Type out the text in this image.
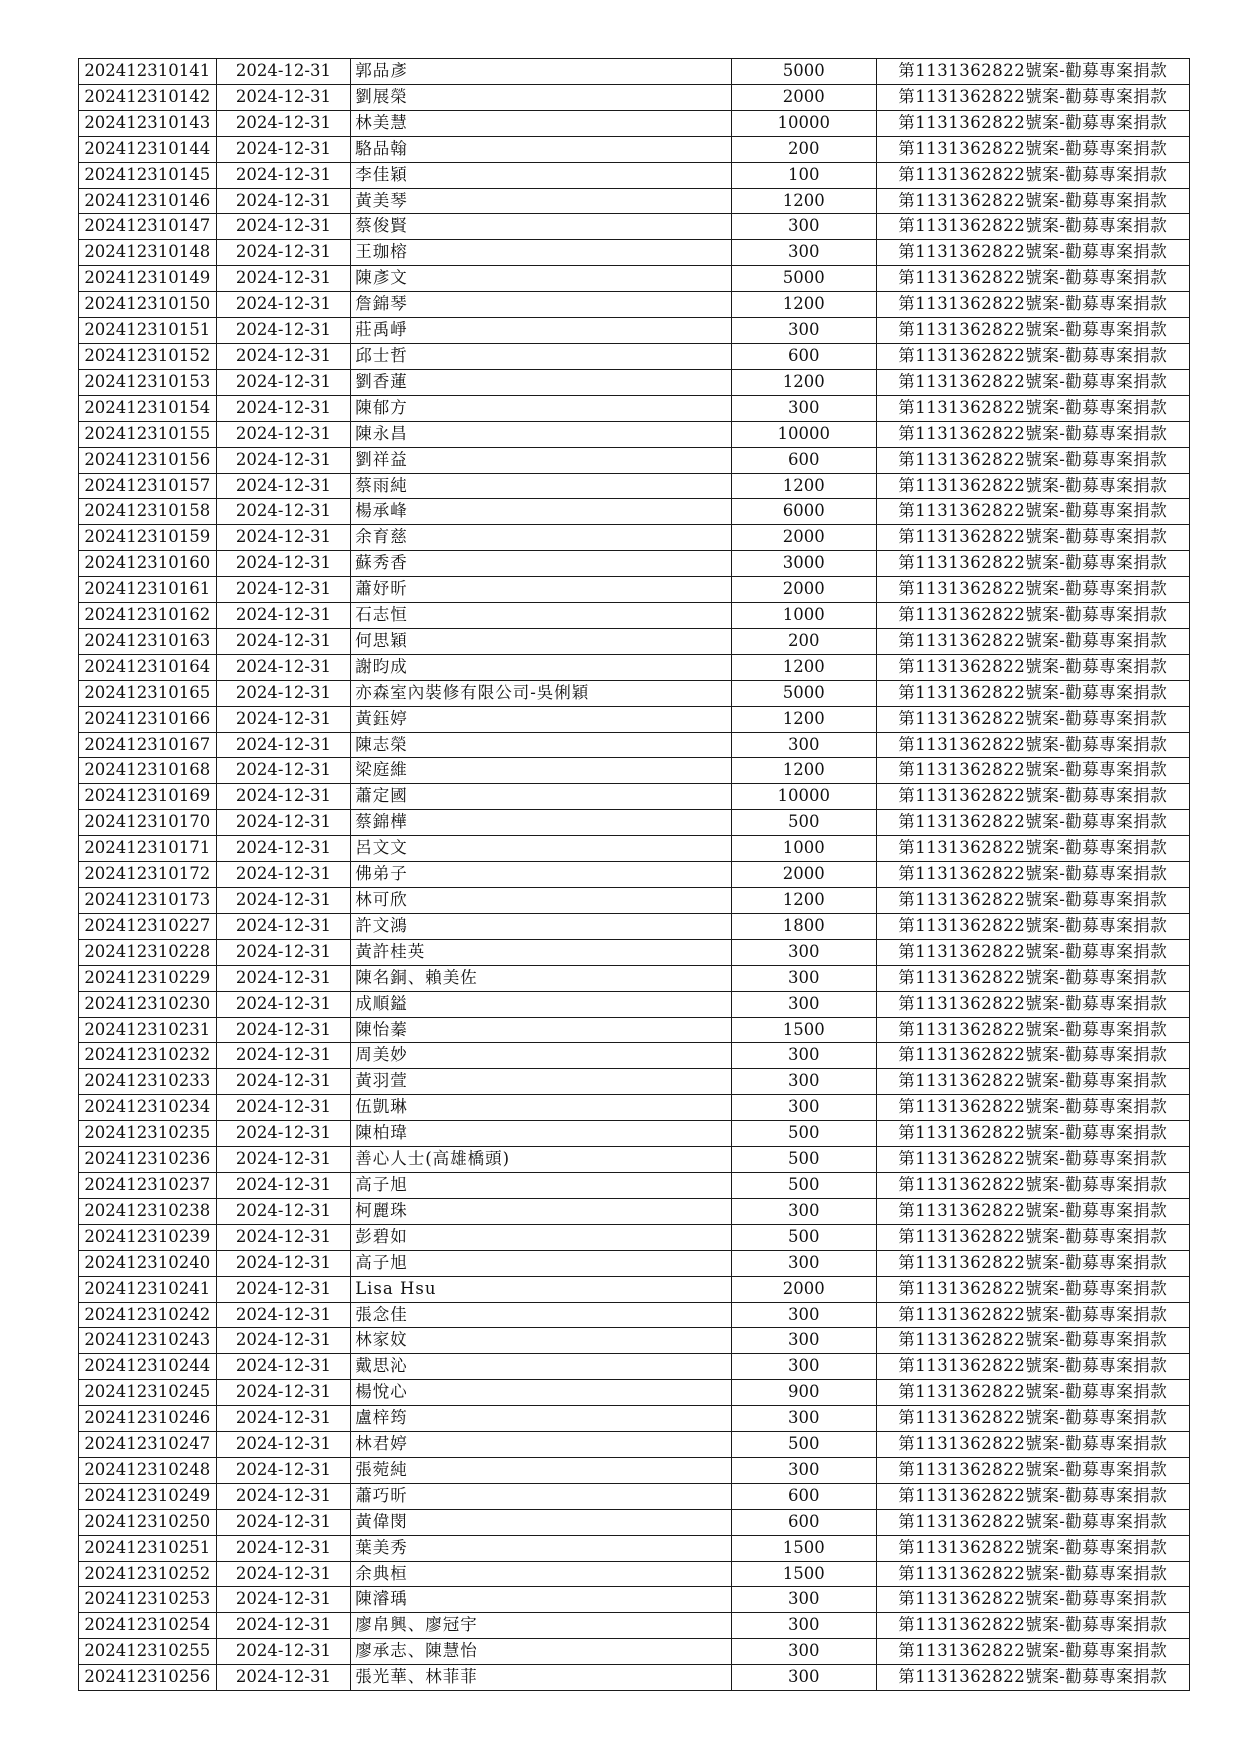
202412310141	2024-12-31	郭品彥	5000	第1131362822號案-勸募專案捐款
202412310142	2024-12-31	劉展榮	2000	第1131362822號案-勸募專案捐款
202412310143	2024-12-31	林美慧	10000	第1131362822號案-勸募專案捐款
202412310144	2024-12-31	駱品翰	200	第1131362822號案-勸募專案捐款
202412310145	2024-12-31	李佳穎	100	第1131362822號案-勸募專案捐款
202412310146	2024-12-31	黃美琴	1200	第1131362822號案-勸募專案捐款
202412310147	2024-12-31	蔡俊賢	300	第1131362822號案-勸募專案捐款
202412310148	2024-12-31	王珈榕	300	第1131362822號案-勸募專案捐款
202412310149	2024-12-31	陳彥文	5000	第1131362822號案-勸募專案捐款
202412310150	2024-12-31	詹錦琴	1200	第1131362822號案-勸募專案捐款
202412310151	2024-12-31	莊禹崢	300	第1131362822號案-勸募專案捐款
202412310152	2024-12-31	邱士哲	600	第1131362822號案-勸募專案捐款
202412310153	2024-12-31	劉香蓮	1200	第1131362822號案-勸募專案捐款
202412310154	2024-12-31	陳郁方	300	第1131362822號案-勸募專案捐款
202412310155	2024-12-31	陳永昌	10000	第1131362822號案-勸募專案捐款
202412310156	2024-12-31	劉祥益	600	第1131362822號案-勸募專案捐款
202412310157	2024-12-31	蔡雨純	1200	第1131362822號案-勸募專案捐款
202412310158	2024-12-31	楊承峰	6000	第1131362822號案-勸募專案捐款
202412310159	2024-12-31	余育慈	2000	第1131362822號案-勸募專案捐款
202412310160	2024-12-31	蘇秀香	3000	第1131362822號案-勸募專案捐款
202412310161	2024-12-31	蕭妤昕	2000	第1131362822號案-勸募專案捐款
202412310162	2024-12-31	石志恒	1000	第1131362822號案-勸募專案捐款
202412310163	2024-12-31	何思穎	200	第1131362822號案-勸募專案捐款
202412310164	2024-12-31	謝昀成	1200	第1131362822號案-勸募專案捐款
202412310165	2024-12-31	亦森室內裝修有限公司-吳俐穎	5000	第1131362822號案-勸募專案捐款
202412310166	2024-12-31	黃鈺婷	1200	第1131362822號案-勸募專案捐款
202412310167	2024-12-31	陳志榮	300	第1131362822號案-勸募專案捐款
202412310168	2024-12-31	梁庭維	1200	第1131362822號案-勸募專案捐款
202412310169	2024-12-31	蕭定國	10000	第1131362822號案-勸募專案捐款
202412310170	2024-12-31	蔡錦樺	500	第1131362822號案-勸募專案捐款
202412310171	2024-12-31	呂文文	1000	第1131362822號案-勸募專案捐款
202412310172	2024-12-31	佛弟子	2000	第1131362822號案-勸募專案捐款
202412310173	2024-12-31	林可欣	1200	第1131362822號案-勸募專案捐款
202412310227	2024-12-31	許文鴻	1800	第1131362822號案-勸募專案捐款
202412310228	2024-12-31	黃許桂英	300	第1131362822號案-勸募專案捐款
202412310229	2024-12-31	陳名銅、賴美佐	300	第1131362822號案-勸募專案捐款
202412310230	2024-12-31	成順鎰	300	第1131362822號案-勸募專案捐款
202412310231	2024-12-31	陳怡蓁	1500	第1131362822號案-勸募專案捐款
202412310232	2024-12-31	周美妙	300	第1131362822號案-勸募專案捐款
202412310233	2024-12-31	黃羽萱	300	第1131362822號案-勸募專案捐款
202412310234	2024-12-31	伍凱琳	300	第1131362822號案-勸募專案捐款
202412310235	2024-12-31	陳柏瑋	500	第1131362822號案-勸募專案捐款
202412310236	2024-12-31	善心人士(高雄橋頭)	500	第1131362822號案-勸募專案捐款
202412310237	2024-12-31	高子旭	500	第1131362822號案-勸募專案捐款
202412310238	2024-12-31	柯麗珠	300	第1131362822號案-勸募專案捐款
202412310239	2024-12-31	彭碧如	500	第1131362822號案-勸募專案捐款
202412310240	2024-12-31	高子旭	300	第1131362822號案-勸募專案捐款
202412310241	2024-12-31	Lisa Hsu	2000	第1131362822號案-勸募專案捐款
202412310242	2024-12-31	張念佳	300	第1131362822號案-勸募專案捐款
202412310243	2024-12-31	林家妏	300	第1131362822號案-勸募專案捐款
202412310244	2024-12-31	戴思沁	300	第1131362822號案-勸募專案捐款
202412310245	2024-12-31	楊悅心	900	第1131362822號案-勸募專案捐款
202412310246	2024-12-31	盧梓筠	300	第1131362822號案-勸募專案捐款
202412310247	2024-12-31	林君婷	500	第1131362822號案-勸募專案捐款
202412310248	2024-12-31	張菀純	300	第1131362822號案-勸募專案捐款
202412310249	2024-12-31	蕭巧昕	600	第1131362822號案-勸募專案捐款
202412310250	2024-12-31	黃偉閔	600	第1131362822號案-勸募專案捐款
202412310251	2024-12-31	葉美秀	1500	第1131362822號案-勸募專案捐款
202412310252	2024-12-31	余典桓	1500	第1131362822號案-勸募專案捐款
202412310253	2024-12-31	陳濬瑀	300	第1131362822號案-勸募專案捐款
202412310254	2024-12-31	廖帛興、廖冠宇	300	第1131362822號案-勸募專案捐款
202412310255	2024-12-31	廖承志、陳慧怡	300	第1131362822號案-勸募專案捐款
202412310256	2024-12-31	張光華、林菲菲	300	第1131362822號案-勸募專案捐款
